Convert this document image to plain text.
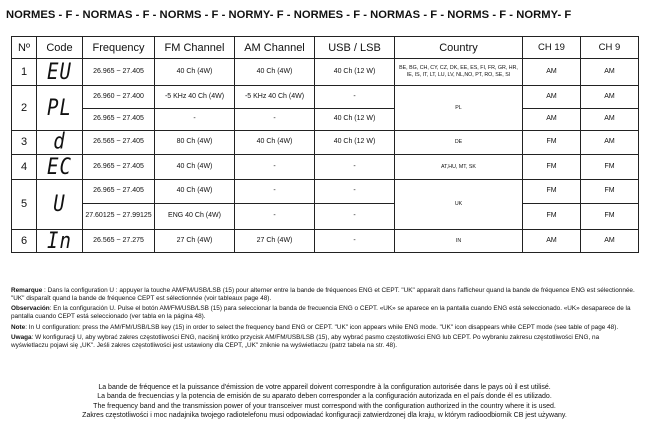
NORMES - F - NORMAS - F - NORMS - F - NORMY- F - NORMES - F - NORMAS - F - NORMS - F - NORMY- F
Nº	Code	Frequency	FM Channel	AM Channel	USB / LSB	Country	CH 19	CH 9
1	EU	26.965 ~ 27.405	40 Ch (4W)	40 Ch (4W)	40 Ch (12 W)	BE, BG, CH, CY, CZ, DK, EE, ES, FI, FR, GR, HR, IE, IS, IT, LT, LU, LV, NL,NO, PT, RO, SE, SI	AM	AM
2	PL	26.960 ~ 27.400	-5 KHz 40 Ch (4W)	-5 KHz 40 Ch (4W)	-	PL	AM	AM
		26.965 ~ 27.405	-	-	40 Ch (12 W)		AM	AM
3	d	26.565 ~ 27.405	80 Ch (4W)	40 Ch (4W)	40 Ch (12 W)	DE	FM	AM
4	EC	26.965 ~ 27.405	40 Ch (4W)	-	-	AT,HU, MT, SK	FM	FM
5	U	26.965 ~ 27.405	40 Ch (4W)	-	-	UK	FM	FM
		27.60125 ~ 27.99125	ENG 40 Ch (4W)	-	-		FM	FM
6	In	26.565 ~ 27.275	27 Ch (4W)	27 Ch (4W)	-	IN	AM	AM

Remarque : Dans la configuration U : appuyer la touche AM/FM/USB/LSB (15) pour alterner entre la bande de fréquences ENG et CEPT. "UK" apparaît dans l'afficheur quand la bande de fréquence ENG est sélectionnée. "UK" disparaît quand la bande de fréquence CEPT est sélectionnée (voir tableaux page 48).

Observación: En la configuración U. Pulse el botón AM/FM/USB/LSB (15) para seleccionar la banda de frecuencia ENG o CEPT. «UK» se aparece en la pantalla cuando ENG está seleccionado. «UK» desaparece de la pantalla cuando CEPT está seleccionado (ver tabla en la página 48).

Note: In U configuration: press the AM/FM/USB/LSB key (15) in order to select the frequency band ENG or CEPT. "UK" icon appears while ENG mode. "UK" icon disappears while CEPT mode (see table of page 48).

Uwaga: W konfiguracji U, aby wybrać zakres częstotliwości ENG, naciśnij krótko przycisk AM/FM/USB/LSB (15), aby wybrać pasmo częstotliwości ENG lub CEPT. Po wybraniu zakresu częstotliwości ENG, na wyświetlaczu pojawi się „UK". Jeśli zakres częstotliwości jest ustawiony dla CEPT, „UK" zniknie na wyświetlaczu (patrz tabela na str. 48).

La bande de fréquence et la puissance d'émission de votre appareil doivent correspondre à la configuration autorisée dans le pays où il est utilisé.

La banda de frecuencias y la potencia de emisión de su aparato deben corresponder a la configuración autorizada en el país donde él es utilizado.

The frequency band and the transmission power of your transceiver must correspond with the configuration authorized in the country where it is used.

Zakres częstotliwości i moc nadajnika twojego radiotelefonu musi odpowiadać konfiguracji zatwierdzonej dla kraju, w którym radioodbiornik CB jest używany.
